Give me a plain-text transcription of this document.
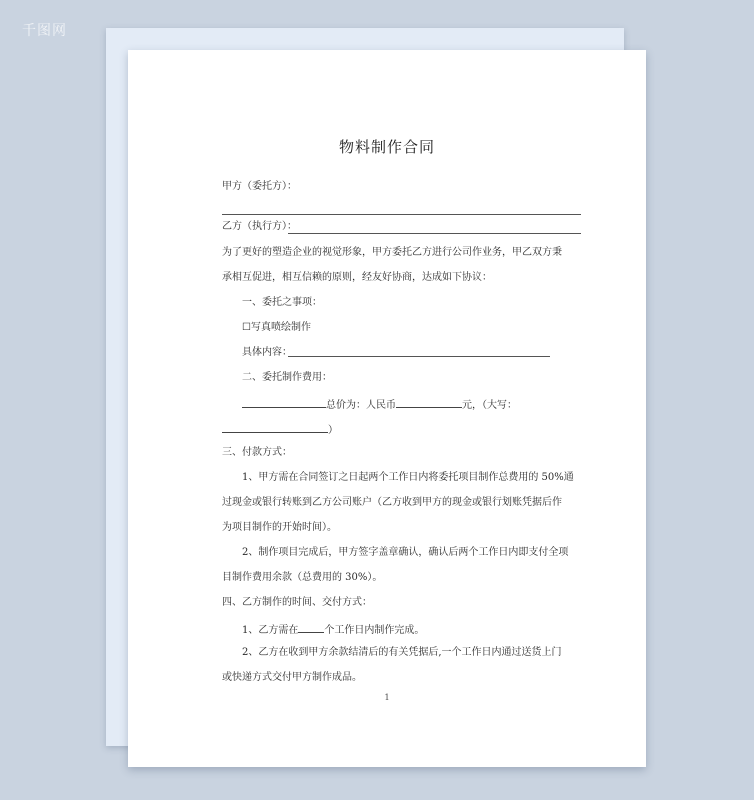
千图网
物料制作合同
甲方（委托方）：
乙方（执行方）：
为了更好的塑造企业的视觉形象，甲方委托乙方进行公司作业务，甲乙双方秉
承相互促进，相互信赖的原则，经友好协商，达成如下协议：
一、委托之事项：
☐写真喷绘制作
具体内容：
二、委托制作费用：
总价为：人民币	元，（大写：
）
三、付款方式：
1、甲方需在合同签订之日起两个工作日内将委托项目制作总费用的 50%通
过现金或银行转账到乙方公司账户（乙方收到甲方的现金或银行划账凭据后作
为项目制作的开始时间）。
2、制作项目完成后，甲方签字盖章确认，确认后两个工作日内即支付全项
目制作费用余款（总费用的 30%）。
四、乙方制作的时间、交付方式：
1、乙方需在	个工作日内制作完成。
2、乙方在收到甲方余款结清后的有关凭据后,一个工作日内通过送货上门
或快递方式交付甲方制作成品。
1
